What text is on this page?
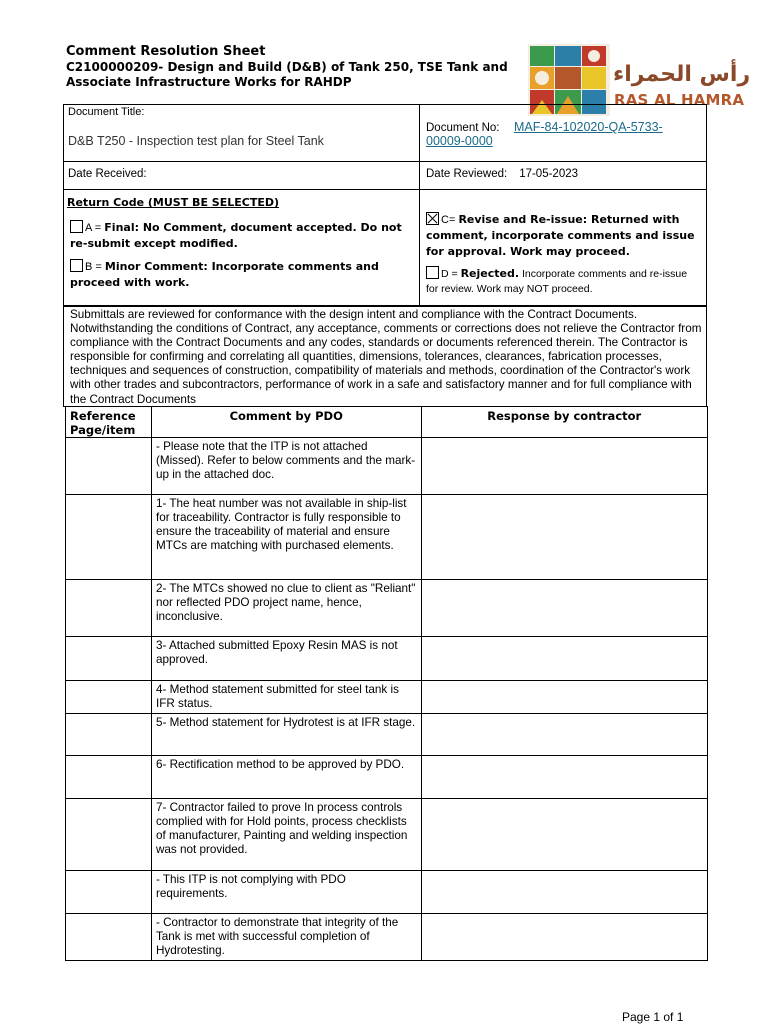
Comment Resolution Sheet
C2100000209- Design and Build (D&B) of Tank 250, TSE Tank and
Associate Infrastructure Works for RAHDP	رأس الحمراء
RAS AL HAMRA
Document Title:
D&B T250 - Inspection test plan for Steel Tank
Document No:	MAF-84-102020-QA-5733-00009-0000
Date Received:	Date Reviewed: 17-05-2023
Return Code (MUST BE SELECTED)
A = Final: No Comment, document accepted. Do not re-submit except modified.
B = Minor Comment: Incorporate comments and proceed with work.
C= Revise and Re-issue: Returned with comment, incorporate comments and issue for approval. Work may proceed.
D = Rejected. Incorporate comments and re-issue for review. Work may NOT proceed.
Submittals are reviewed for conformance with the design intent and compliance with the Contract Documents. Notwithstanding the conditions of Contract, any acceptance, comments or corrections does not relieve the Contractor from compliance with the Contract Documents and any codes, standards or documents referenced therein. The Contractor is responsible for confirming and correlating all quantities, dimensions, tolerances, clearances, fabrication processes, techniques and sequences of construction, compatibility of materials and methods, coordination of the Contractor's work with other trades and subcontractors, performance of work in a safe and satisfactory manner and for full compliance with the Contract Documents
Reference Page/item	Comment by PDO	Response by contractor
	- Please note that the ITP is not attached (Missed). Refer to below comments and the mark-up in the attached doc.	
	1- The heat number was not available in ship-list for traceability. Contractor is fully responsible to ensure the traceability of material and ensure MTCs are matching with purchased elements.	
	2- The MTCs showed no clue to client as "Reliant" nor reflected PDO project name, hence, inconclusive.	
	3- Attached submitted Epoxy Resin MAS is not approved.	
	4- Method statement submitted for steel tank is IFR status.	
	5- Method statement for Hydrotest is at IFR stage.	
	6- Rectification method to be approved by PDO.	
	7- Contractor failed to prove In process controls complied with for Hold points, process checklists of manufacturer, Painting and welding inspection was not provided.	
	- This ITP is not complying with PDO requirements.	
	- Contractor to demonstrate that integrity of the Tank is met with successful completion of Hydrotesting.	
Page 1 of 1
